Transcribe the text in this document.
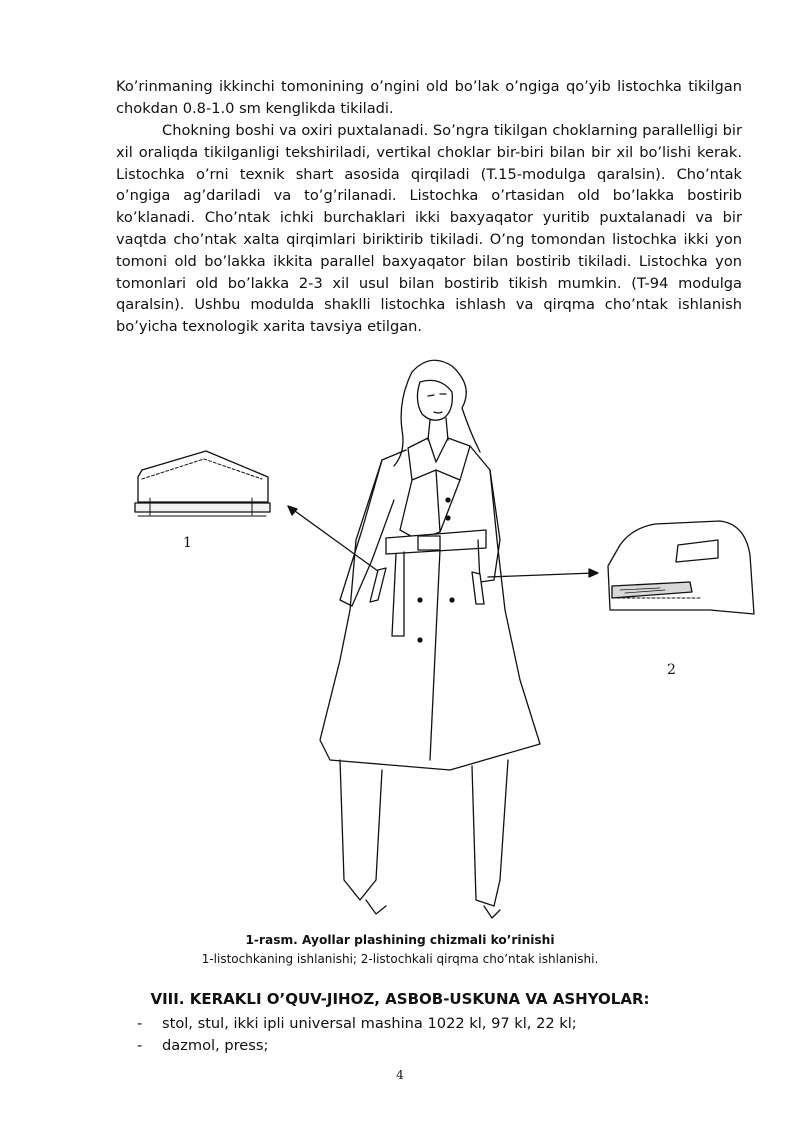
Ko’rinmaning ikkinchi tomonining o’ngini old bo’lak o’ngiga qo’yib listochka tikilgan chokdan 0.8-1.0 sm kenglikda tikiladi.

Chokning boshi va oxiri puxtalanadi. So’ngra tikilgan choklarning parallelligi bir xil oraliqda tikilganligi tekshiriladi, vertikal choklar bir-biri bilan bir xil bo’lishi kerak. Listochka o’rni texnik shart asosida qirqiladi (T.15-modulga qaralsin). Cho’ntak o’ngiga ag’dariladi va to’g’rilanadi. Listochka o’rtasidan old bo’lakka bostirib ko’klanadi. Cho’ntak ichki burchaklari ikki baxyaqator yuritib puxtalanadi va bir vaqtda cho’ntak xalta qirqimlari biriktirib tikiladi. O’ng tomondan listochka ikki yon tomoni old bo’lakka ikkita parallel baxyaqator bilan bostirib tikiladi. Listochka yon tomonlari old bo’lakka 2-3 xil usul bilan bostirib tikish mumkin. (T-94 modulga qaralsin). Ushbu modulda shaklli listochka ishlash va qirqma cho’ntak ishlanish bo’yicha texnologik xarita tavsiya etilgan.

1
2
1-rasm. Ayollar plashining chizmali ko’rinishi
1-listochkaning ishlanishi; 2-listochkali qirqma cho’ntak ishlanishi.
VIII. KERAKLI O’QUV-JIHOZ, ASBOB-USKUNA VA ASHYOLAR:
- stol, stul, ikki ipli universal mashina 1022 kl, 97 kl, 22 kl;
- dazmol, press;
4
